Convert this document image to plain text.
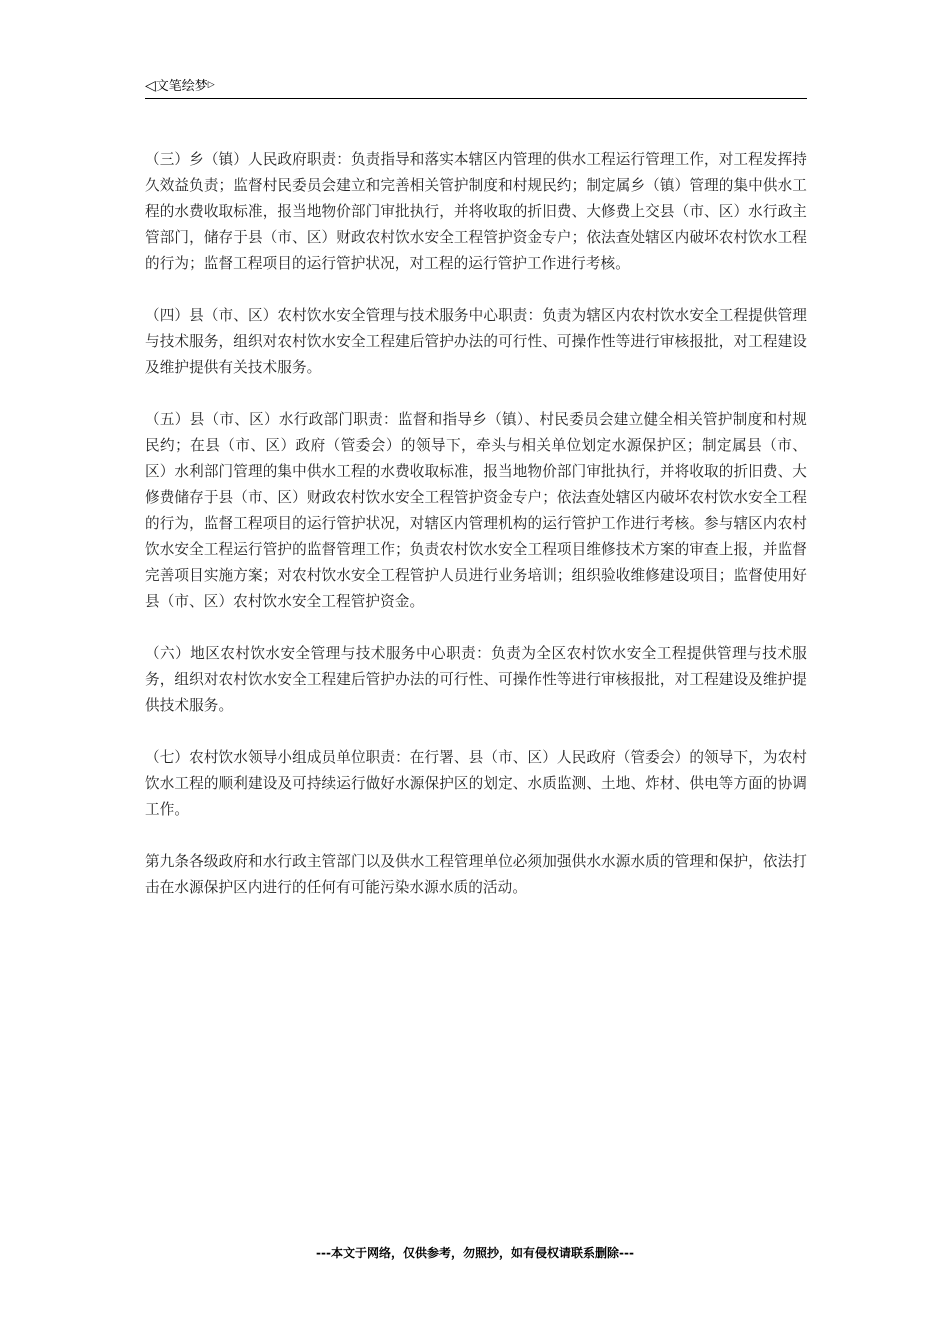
◁文笔绘梦▷

（三）乡（镇）人民政府职责：负责指导和落实本辖区内管理的供水工程运行管理工作，对工程发挥持久效益负责；监督村民委员会建立和完善相关管护制度和村规民约；制定属乡（镇）管理的集中供水工程的水费收取标准，报当地物价部门审批执行，并将收取的折旧费、大修费上交县（市、区）水行政主管部门，储存于县（市、区）财政农村饮水安全工程管护资金专户；依法查处辖区内破坏农村饮水工程的行为；监督工程项目的运行管护状况，对工程的运行管护工作进行考核。

（四）县（市、区）农村饮水安全管理与技术服务中心职责：负责为辖区内农村饮水安全工程提供管理与技术服务，组织对农村饮水安全工程建后管护办法的可行性、可操作性等进行审核报批，对工程建设及维护提供有关技术服务。

（五）县（市、区）水行政部门职责：监督和指导乡（镇）、村民委员会建立健全相关管护制度和村规民约；在县（市、区）政府（管委会）的领导下，牵头与相关单位划定水源保护区；制定属县（市、区）水利部门管理的集中供水工程的水费收取标准，报当地物价部门审批执行，并将收取的折旧费、大修费储存于县（市、区）财政农村饮水安全工程管护资金专户；依法查处辖区内破坏农村饮水安全工程的行为，监督工程项目的运行管护状况，对辖区内管理机构的运行管护工作进行考核。参与辖区内农村饮水安全工程运行管护的监督管理工作；负责农村饮水安全工程项目维修技术方案的审查上报，并监督完善项目实施方案；对农村饮水安全工程管护人员进行业务培训；组织验收维修建设项目；监督使用好县（市、区）农村饮水安全工程管护资金。

（六）地区农村饮水安全管理与技术服务中心职责：负责为全区农村饮水安全工程提供管理与技术服务，组织对农村饮水安全工程建后管护办法的可行性、可操作性等进行审核报批，对工程建设及维护提供技术服务。

（七）农村饮水领导小组成员单位职责：在行署、县（市、区）人民政府（管委会）的领导下，为农村饮水工程的顺利建设及可持续运行做好水源保护区的划定、水质监测、土地、炸材、供电等方面的协调工作。

第九条各级政府和水行政主管部门以及供水工程管理单位必须加强供水水源水质的管理和保护，依法打击在水源保护区内进行的任何有可能污染水源水质的活动。

---本文于网络，仅供参考，勿照抄，如有侵权请联系删除---
